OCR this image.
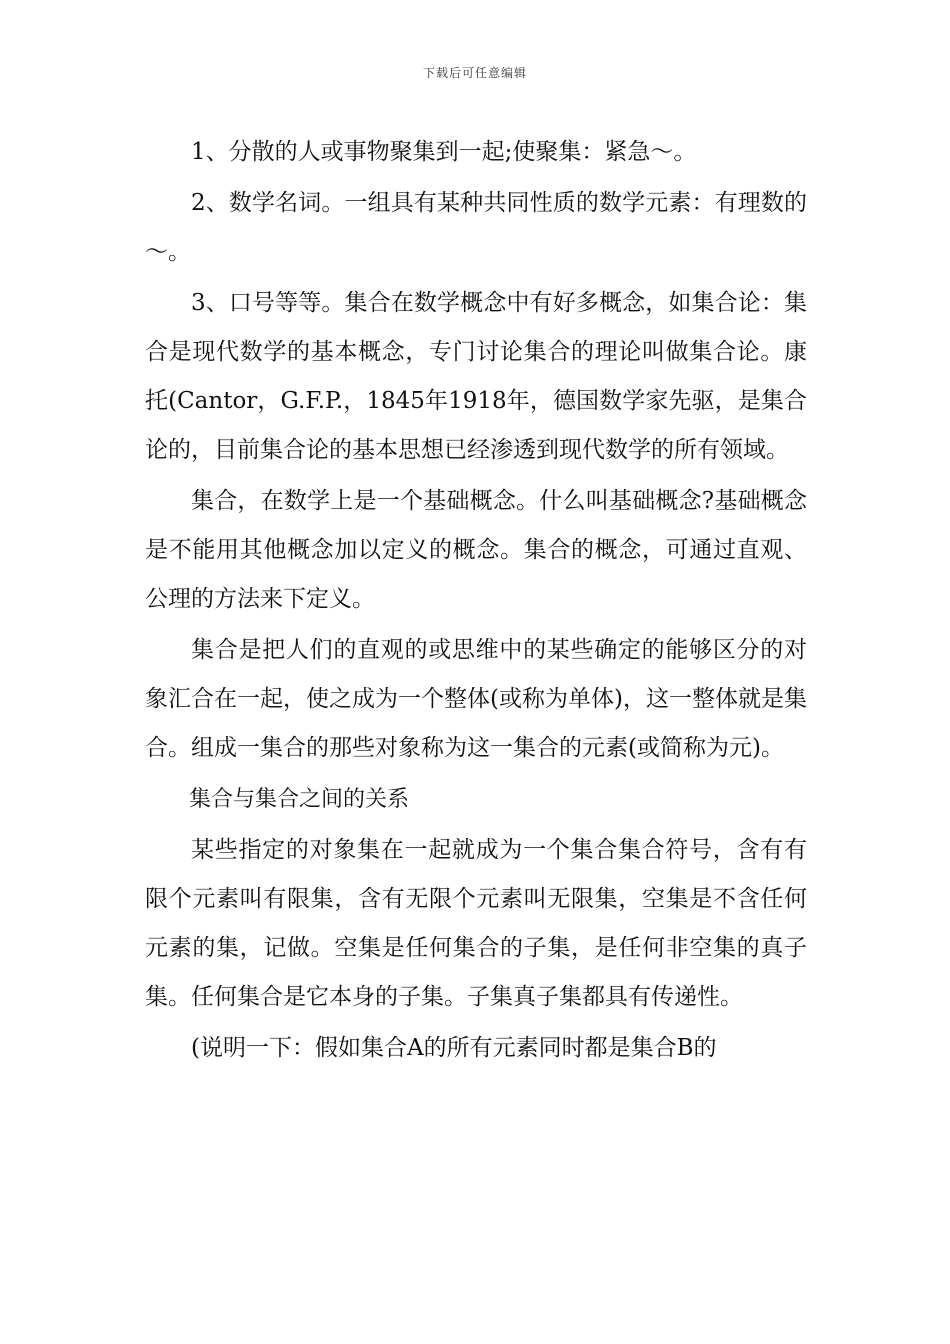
下载后可任意编辑

1、分散的人或事物聚集到一起;使聚集：紧急～。

2、数学名词。一组具有某种共同性质的数学元素：有理数的～。

3、口号等等。集合在数学概念中有好多概念，如集合论：集合是现代数学的基本概念，专门讨论集合的理论叫做集合论。康托(Cantor，G.F.P.，1845年1918年，德国数学家先驱，是集合论的，目前集合论的基本思想已经渗透到现代数学的所有领域。

集合，在数学上是一个基础概念。什么叫基础概念?基础概念是不能用其他概念加以定义的概念。集合的概念，可通过直观、公理的方法来下定义。

集合是把人们的直观的或思维中的某些确定的能够区分的对象汇合在一起，使之成为一个整体(或称为单体)，这一整体就是集合。组成一集合的那些对象称为这一集合的元素(或简称为元)。

集合与集合之间的关系

某些指定的对象集在一起就成为一个集合集合符号，含有有限个元素叫有限集，含有无限个元素叫无限集，空集是不含任何元素的集，记做。空集是任何集合的子集，是任何非空集的真子集。任何集合是它本身的子集。子集真子集都具有传递性。

(说明一下：假如集合A的所有元素同时都是集合B的
